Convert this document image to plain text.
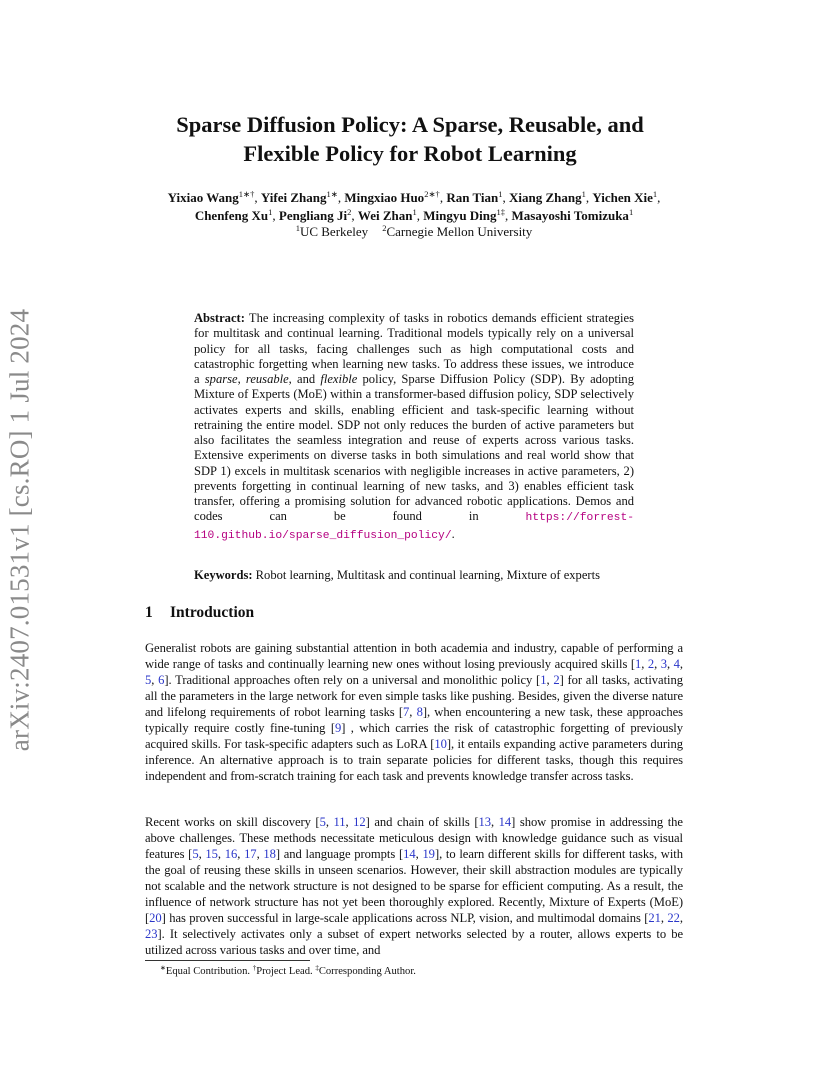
arXiv:2407.01531v1 [cs.RO] 1 Jul 2024
Sparse Diffusion Policy: A Sparse, Reusable, and
Flexible Policy for Robot Learning
Yixiao Wang$^{1∗\dagger}$, Yifei Zhang$^{1∗}$, Mingxiao Huo$^{2∗\dagger}$, Ran Tian$^1$, Xiang Zhang$^1$, Yichen Xie$^1$,
Chenfeng Xu$^1$, Pengliang Ji$^2$, Wei Zhan$^1$, Mingyu Ding$^{1\ddagger}$, Masayoshi Tomizuka$^1$
$^1$UC Berkeley $^2$Carnegie Mellon University
Abstract: The increasing complexity of tasks in robotics demands efficient strategies for multitask and continual learning. Traditional models typically rely on a universal policy for all tasks, facing challenges such as high computational costs and catastrophic forgetting when learning new tasks. To address these issues, we introduce a sparse, reusable, and flexible policy, Sparse Diffusion Policy (SDP). By adopting Mixture of Experts (MoE) within a transformer-based diffusion policy, SDP selectively activates experts and skills, enabling efficient and task-specific learning without retraining the entire model. SDP not only reduces the burden of active parameters but also facilitates the seamless integration and reuse of experts across various tasks. Extensive experiments on diverse tasks in both simulations and real world show that SDP 1) excels in multitask scenarios with negligible increases in active parameters, 2) prevents forgetting in continual learning of new tasks, and 3) enables efficient task transfer, offering a promising solution for advanced robotic applications. Demos and codes can be found in https://forrest-110.github.io/sparse_diffusion_policy/.
Keywords: Robot learning, Multitask and continual learning, Mixture of experts
1 Introduction
Generalist robots are gaining substantial attention in both academia and industry, capable of performing a wide range of tasks and continually learning new ones without losing previously acquired skills [1, 2, 3, 4, 5, 6]. Traditional approaches often rely on a universal and monolithic policy [1, 2] for all tasks, activating all the parameters in the large network for even simple tasks like pushing. Besides, given the diverse nature and lifelong requirements of robot learning tasks [7, 8], when encountering a new task, these approaches typically require costly fine-tuning [9] , which carries the risk of catastrophic forgetting of previously acquired skills. For task-specific adapters such as LoRA [10], it entails expanding active parameters during inference. An alternative approach is to train separate policies for different tasks, though this requires independent and from-scratch training for each task and prevents knowledge transfer across tasks.
Recent works on skill discovery [5, 11, 12] and chain of skills [13, 14] show promise in addressing the above challenges. These methods necessitate meticulous design with knowledge guidance such as visual features [5, 15, 16, 17, 18] and language prompts [14, 19], to learn different skills for different tasks, with the goal of reusing these skills in unseen scenarios. However, their skill abstraction modules are typically not scalable and the network structure is not designed to be sparse for efficient computing. As a result, the influence of network structure has not yet been thoroughly explored. Recently, Mixture of Experts (MoE) [20] has proven successful in large-scale applications across NLP, vision, and multimodal domains [21, 22, 23]. It selectively activates only a subset of expert networks selected by a router, allows experts to be utilized across various tasks and over time, and
∗Equal Contribution. †Project Lead. ‡Corresponding Author.
